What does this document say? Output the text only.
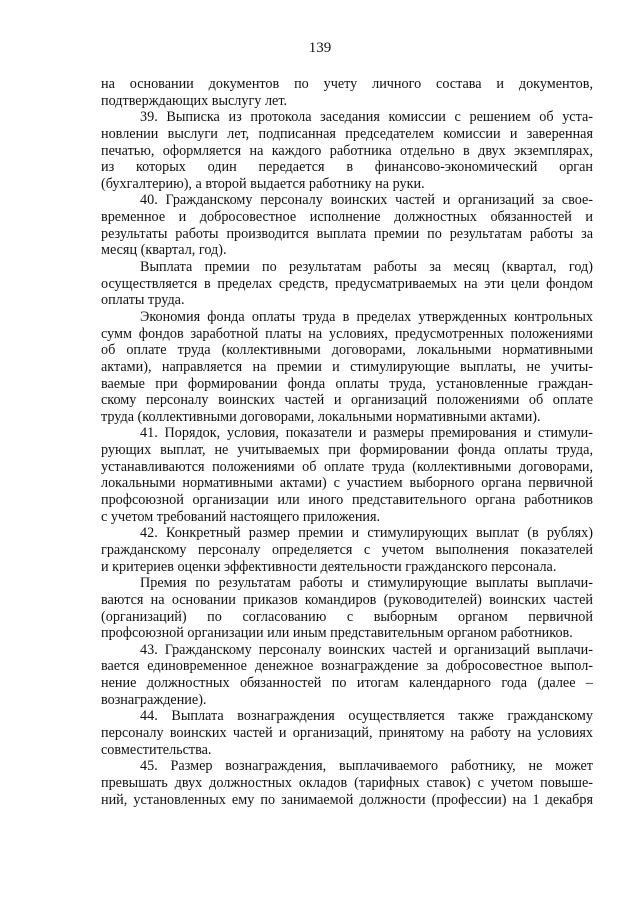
139
на основании документов по учету личного состава и документов,
подтверждающих выслугу лет.
39. Выписка из протокола заседания комиссии с решением об уста-
новлении выслуги лет, подписанная председателем комиссии и заверенная
печатью, оформляется на каждого работника отдельно в двух экземплярах,
из которых один передается в финансово-экономический орган
(бухгалтерию), а второй выдается работнику на руки.
40. Гражданскому персоналу воинских частей и организаций за свое-
временное и добросовестное исполнение должностных обязанностей и
результаты работы производится выплата премии по результатам работы за
месяц (квартал, год).
Выплата премии по результатам работы за месяц (квартал, год)
осуществляется в пределах средств, предусматриваемых на эти цели фондом
оплаты труда.
Экономия фонда оплаты труда в пределах утвержденных контрольных
сумм фондов заработной платы на условиях, предусмотренных положениями
об оплате труда (коллективными договорами, локальными нормативными
актами), направляется на премии и стимулирующие выплаты, не учиты-
ваемые при формировании фонда оплаты труда, установленные граждан-
скому персоналу воинских частей и организаций положениями об оплате
труда (коллективными договорами, локальными нормативными актами).
41. Порядок, условия, показатели и размеры премирования и стимули-
рующих выплат, не учитываемых при формировании фонда оплаты труда,
устанавливаются положениями об оплате труда (коллективными договорами,
локальными нормативными актами) с участием выборного органа первичной
профсоюзной организации или иного представительного органа работников
с учетом требований настоящего приложения.
42. Конкретный размер премии и стимулирующих выплат (в рублях)
гражданскому персоналу определяется с учетом выполнения показателей
и критериев оценки эффективности деятельности гражданского персонала.
Премия по результатам работы и стимулирующие выплаты выплачи-
ваются на основании приказов командиров (руководителей) воинских частей
(организаций) по согласованию с выборным органом первичной
профсоюзной организации или иным представительным органом работников.
43. Гражданскому персоналу воинских частей и организаций выплачи-
вается единовременное денежное вознаграждение за добросовестное выпол-
нение должностных обязанностей по итогам календарного года (далее –
вознаграждение).
44. Выплата вознаграждения осуществляется также гражданскому
персоналу воинских частей и организаций, принятому на работу на условиях
совместительства.
45. Размер вознаграждения, выплачиваемого работнику, не может
превышать двух должностных окладов (тарифных ставок) с учетом повыше-
ний, установленных ему по занимаемой должности (профессии) на 1 декабря
